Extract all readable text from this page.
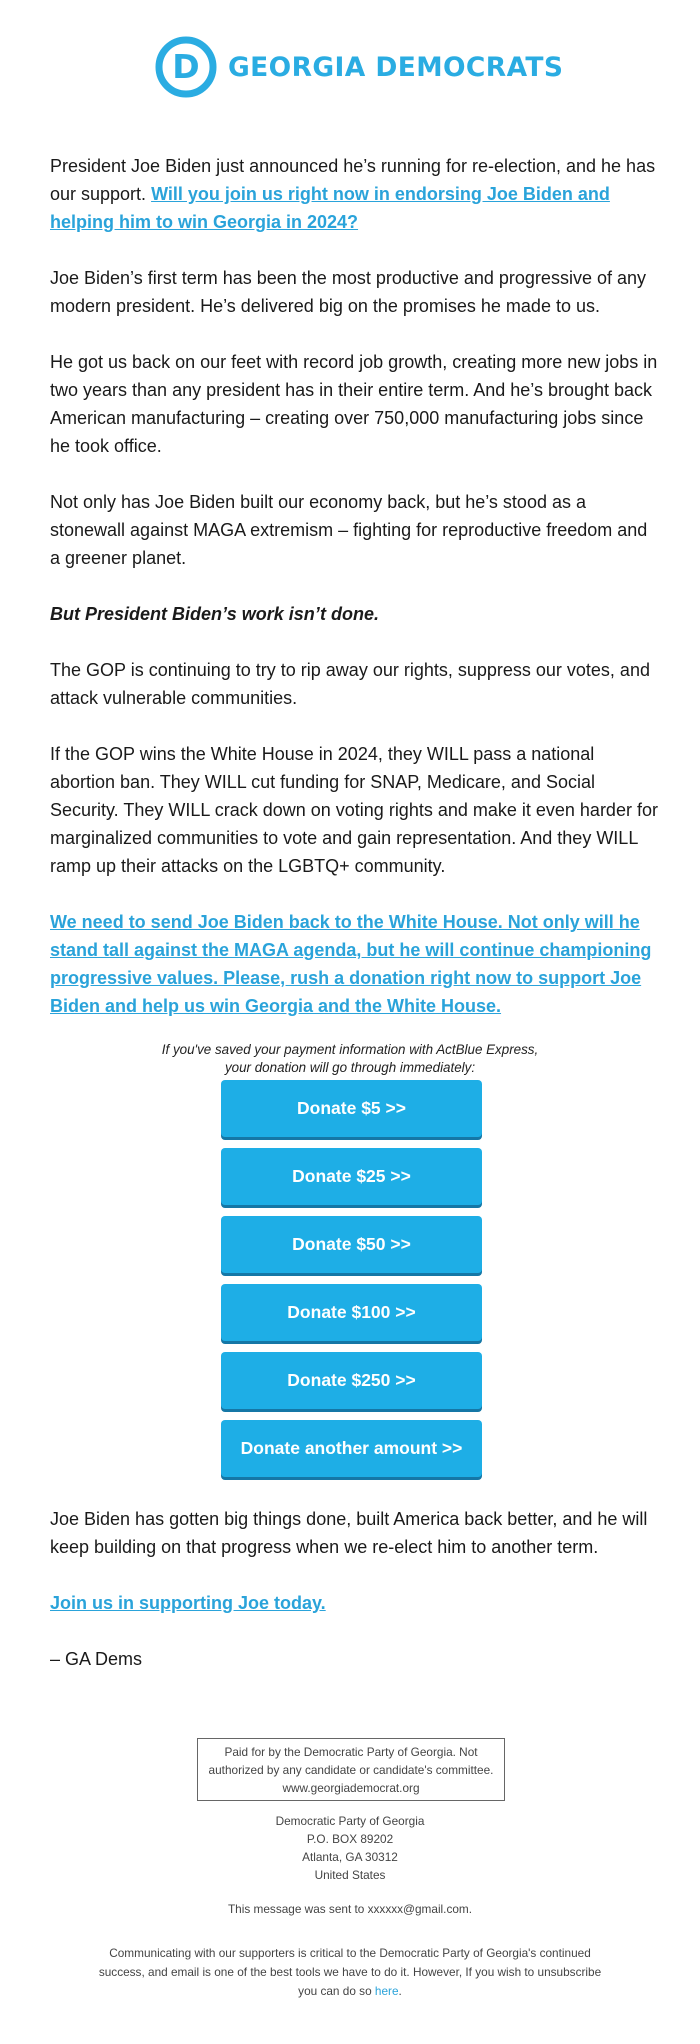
D GEORGIA DEMOCRATS

President Joe Biden just announced he’s running for re-election, and he has our support. Will you join us right now in endorsing Joe Biden and helping him to win Georgia in 2024?

Joe Biden’s first term has been the most productive and progressive of any modern president. He’s delivered big on the promises he made to us.

He got us back on our feet with record job growth, creating more new jobs in two years than any president has in their entire term. And he’s brought back American manufacturing – creating over 750,000 manufacturing jobs since he took office.

Not only has Joe Biden built our economy back, but he’s stood as a stonewall against MAGA extremism – fighting for reproductive freedom and a greener planet.

But President Biden’s work isn’t done.

The GOP is continuing to try to rip away our rights, suppress our votes, and attack vulnerable communities.

If the GOP wins the White House in 2024, they WILL pass a national abortion ban. They WILL cut funding for SNAP, Medicare, and Social Security. They WILL crack down on voting rights and make it even harder for marginalized communities to vote and gain representation. And they WILL ramp up their attacks on the LGBTQ+ community.

We need to send Joe Biden back to the White House. Not only will he stand tall against the MAGA agenda, but he will continue championing progressive values. Please, rush a donation right now to support Joe Biden and help us win Georgia and the White House.

If you've saved your payment information with ActBlue Express,
your donation will go through immediately:
Donate $5 >>
Donate $25 >>
Donate $50 >>
Donate $100 >>
Donate $250 >>
Donate another amount >>

Joe Biden has gotten big things done, built America back better, and he will keep building on that progress when we re-elect him to another term.

Join us in supporting Joe today.

– GA Dems

Paid for by the Democratic Party of Georgia. Not
authorized by any candidate or candidate's committee.
www.georgiademocrat.org
Democratic Party of Georgia
P.O. BOX 89202
Atlanta, GA 30312
United States
This message was sent to xxxxxx@gmail.com.
Communicating with our supporters is critical to the Democratic Party of Georgia's continued success, and email is one of the best tools we have to do it. However, If you wish to unsubscribe you can do so here.
